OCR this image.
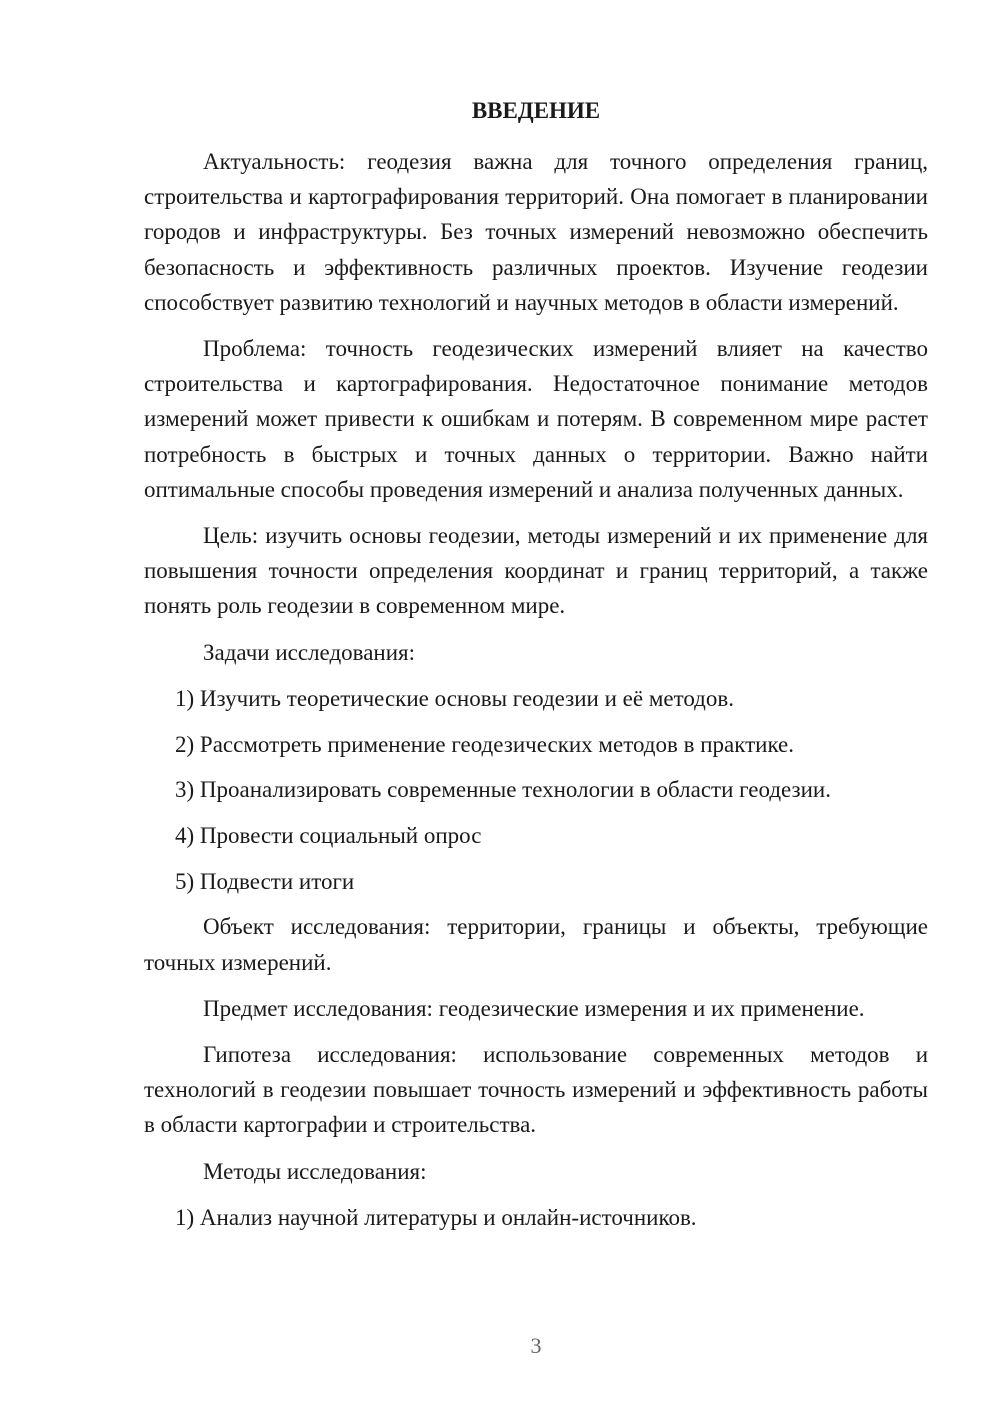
ВВЕДЕНИЕ

Актуальность: геодезия важна для точного определения границ, строительства и картографирования территорий. Она помогает в планировании городов и инфраструктуры. Без точных измерений невозможно обеспечить безопасность и эффективность различных проектов. Изучение геодезии способствует развитию технологий и научных методов в области измерений.

Проблема: точность геодезических измерений влияет на качество строительства и картографирования. Недостаточное понимание методов измерений может привести к ошибкам и потерям. В современном мире растет потребность в быстрых и точных данных о территории. Важно найти оптимальные способы проведения измерений и анализа полученных данных.

Цель: изучить основы геодезии, методы измерений и их применение для повышения точности определения координат и границ территорий, а также понять роль геодезии в современном мире.

Задачи исследования:

1) Изучить теоретические основы геодезии и её методов.
2) Рассмотреть применение геодезических методов в практике.
3) Проанализировать современные технологии в области геодезии.
4) Провести социальный опрос
5) Подвести итоги

Объект исследования: территории, границы и объекты, требующие точных измерений.

Предмет исследования: геодезические измерения и их применение.

Гипотеза исследования: использование современных методов и технологий в геодезии повышает точность измерений и эффективность работы в области картографии и строительства.

Методы исследования:

1) Анализ научной литературы и онлайн-источников.
3
